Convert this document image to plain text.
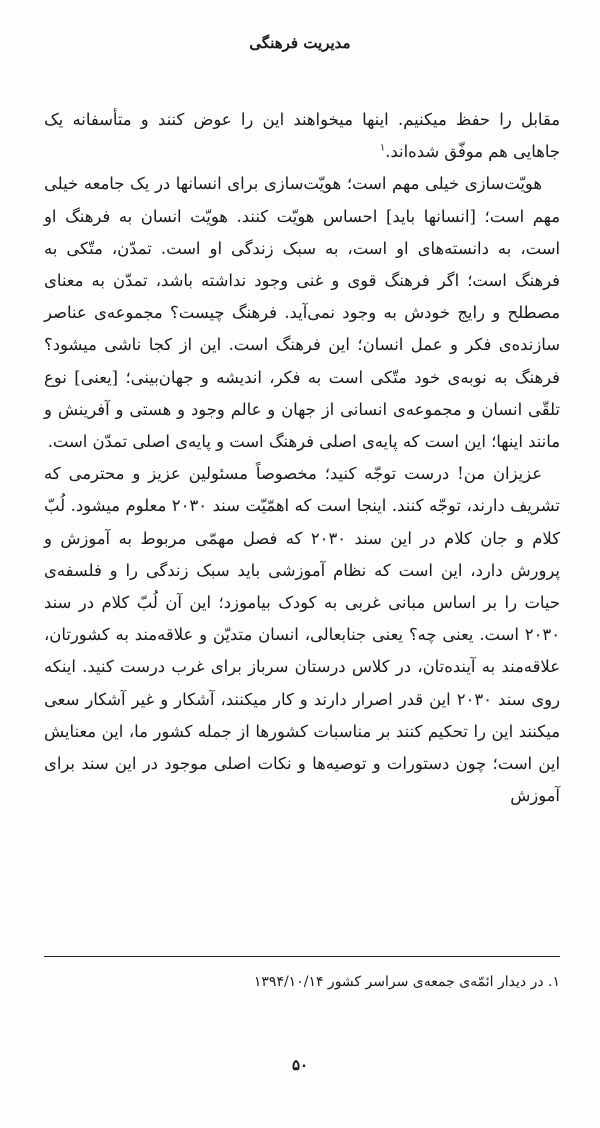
مدیریت فرهنگی

مقابل را حفظ میکنیم. اینها میخواهند این را عوض کنند و متأسفانه یک جاهایی هم موفّق شده‌اند.$^۱$

هویّت‌سازی خیلی مهم است؛ هویّت‌سازی برای انسانها در یک جامعه خیلی مهم است؛ [انسانها باید] احساس هویّت کنند. هویّت انسان به فرهنگ او است، به دانسته‌های او است، به سبک زندگی او است. تمدّن، متّکی به فرهنگ است؛ اگر فرهنگ قوی و غنی وجود نداشته باشد، تمدّن به معنای مصطلح و رایج خودش به وجود نمی‌آید. فرهنگ چیست؟ مجموعه‌ی عناصر سازنده‌ی فکر و عمل انسان؛ این فرهنگ است. این از کجا ناشی میشود؟ فرهنگ به نوبه‌ی خود متّکی است به فکر، اندیشه و جهان‌بینی؛ [یعنی] نوع تلقّی انسان و مجموعه‌ی انسانی از جهان و عالم وجود و هستی و آفرینش و مانند اینها؛ این است که پایه‌ی اصلی فرهنگ است و پایه‌ی اصلی تمدّن است.

عزیزان من! درست توجّه کنید؛ مخصوصاً مسئولین عزیز و محترمی که تشریف دارند، توجّه کنند. اینجا است که اهمّیّت سند ۲۰۳۰ معلوم میشود. لُبّ کلام و جان کلام در این سند ۲۰۳۰ که فصل مهمّی مربوط به آموزش و پرورش دارد، این است که نظام آموزشی باید سبک زندگی را و فلسفه‌ی حیات را بر اساس مبانی غربی به کودک بیاموزد؛ این آن لُبّ کلام در سند ۲۰۳۰ است. یعنی چه؟ یعنی جنابعالی، انسان متدیّن و علاقه‌مند به کشورتان، علاقه‌مند به آینده‌تان، در کلاس درستان سرباز برای غرب درست کنید. اینکه روی سند ۲۰۳۰ این قدر اصرار دارند و کار میکنند، آشکار و غیر آشکار سعی میکنند این را تحکیم کنند بر مناسبات کشورها از جمله کشور ما، این معنایش این است؛ چون دستورات و توصیه‌ها و نکات اصلی موجود در این سند برای آموزش

۱. در دیدار ائمّه‌ی جمعه‌ی سراسر کشور ۱۳۹۴/۱۰/۱۴
۵۰
